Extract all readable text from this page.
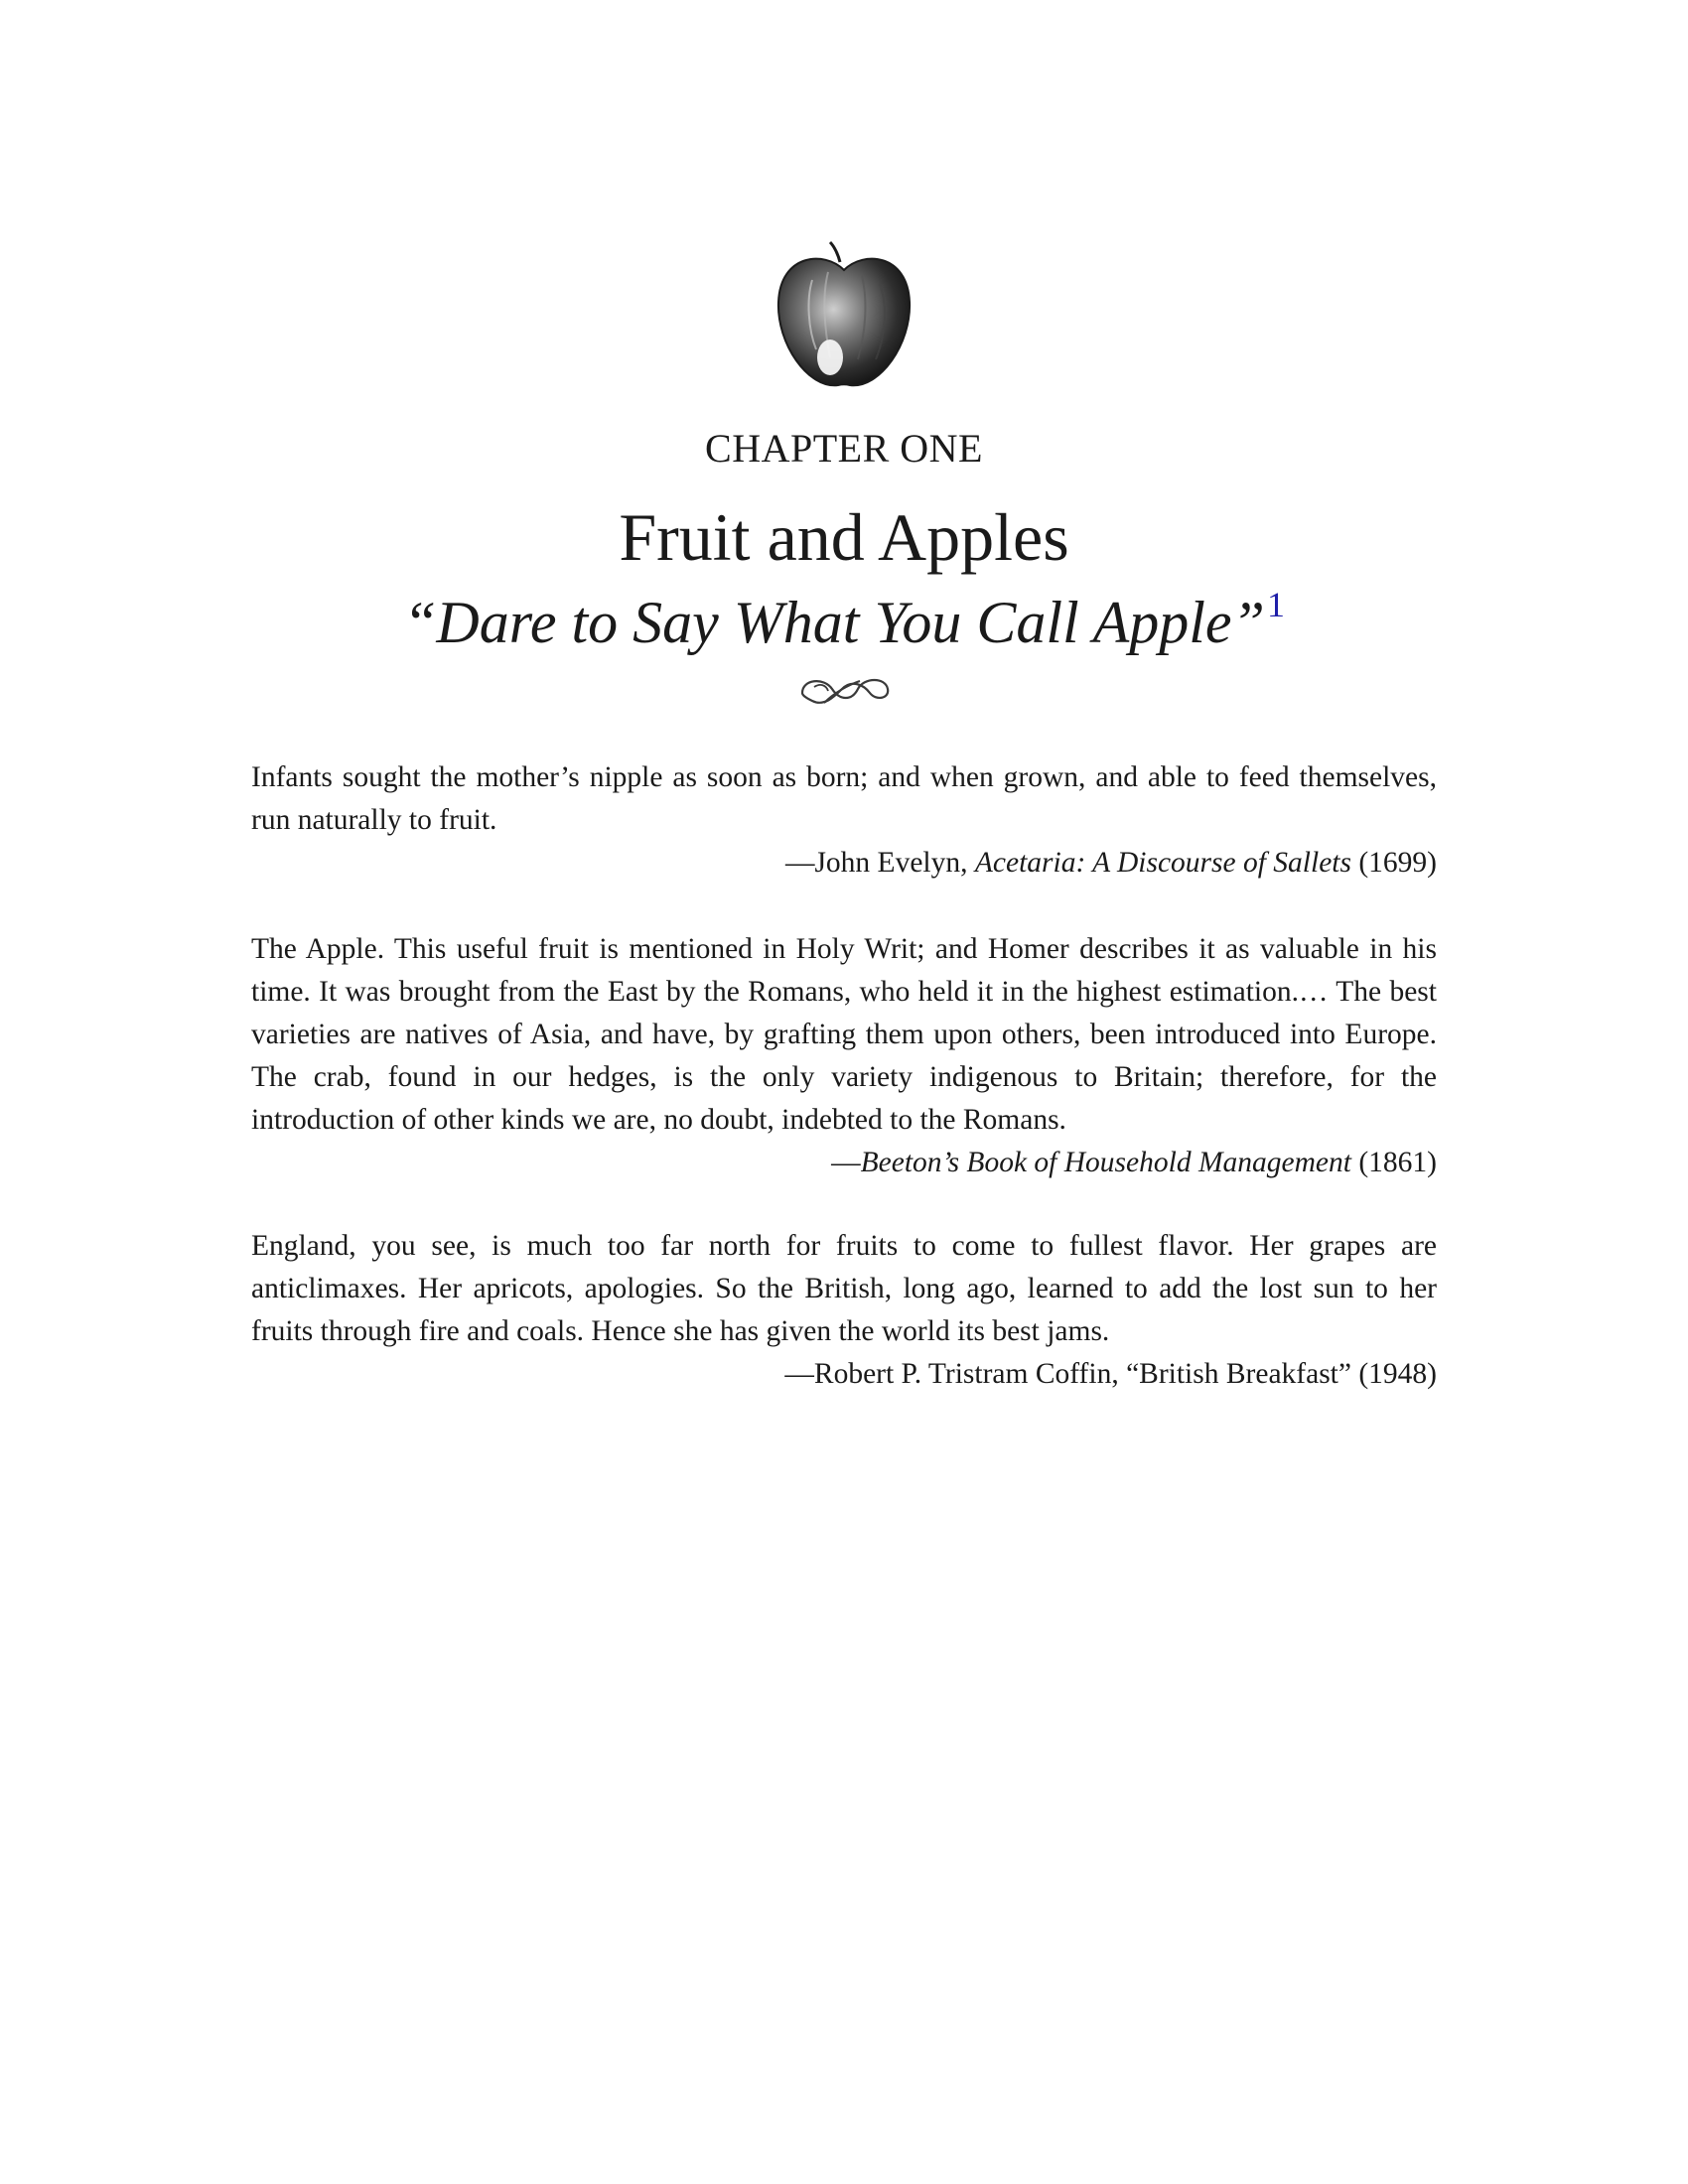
CHAPTER ONE
Fruit and Apples
“Dare to Say What You Call Apple”$^1$

Infants sought the mother’s nipple as soon as born; and when grown, and able to feed themselves, run naturally to fruit.

—John Evelyn, Acetaria: A Discourse of Sallets (1699)

The Apple. This useful fruit is mentioned in Holy Writ; and Homer describes it as valuable in his time. It was brought from the East by the Romans, who held it in the highest estimation.… The best varieties are natives of Asia, and have, by grafting them upon others, been introduced into Europe. The crab, found in our hedges, is the only variety indigenous to Britain; therefore, for the introduction of other kinds we are, no doubt, indebted to the Romans.

—Beeton’s Book of Household Management (1861)

England, you see, is much too far north for fruits to come to fullest flavor. Her grapes are anticlimaxes. Her apricots, apologies. So the British, long ago, learned to add the lost sun to her fruits through fire and coals. Hence she has given the world its best jams.

—Robert P. Tristram Coffin, “British Breakfast” (1948)
